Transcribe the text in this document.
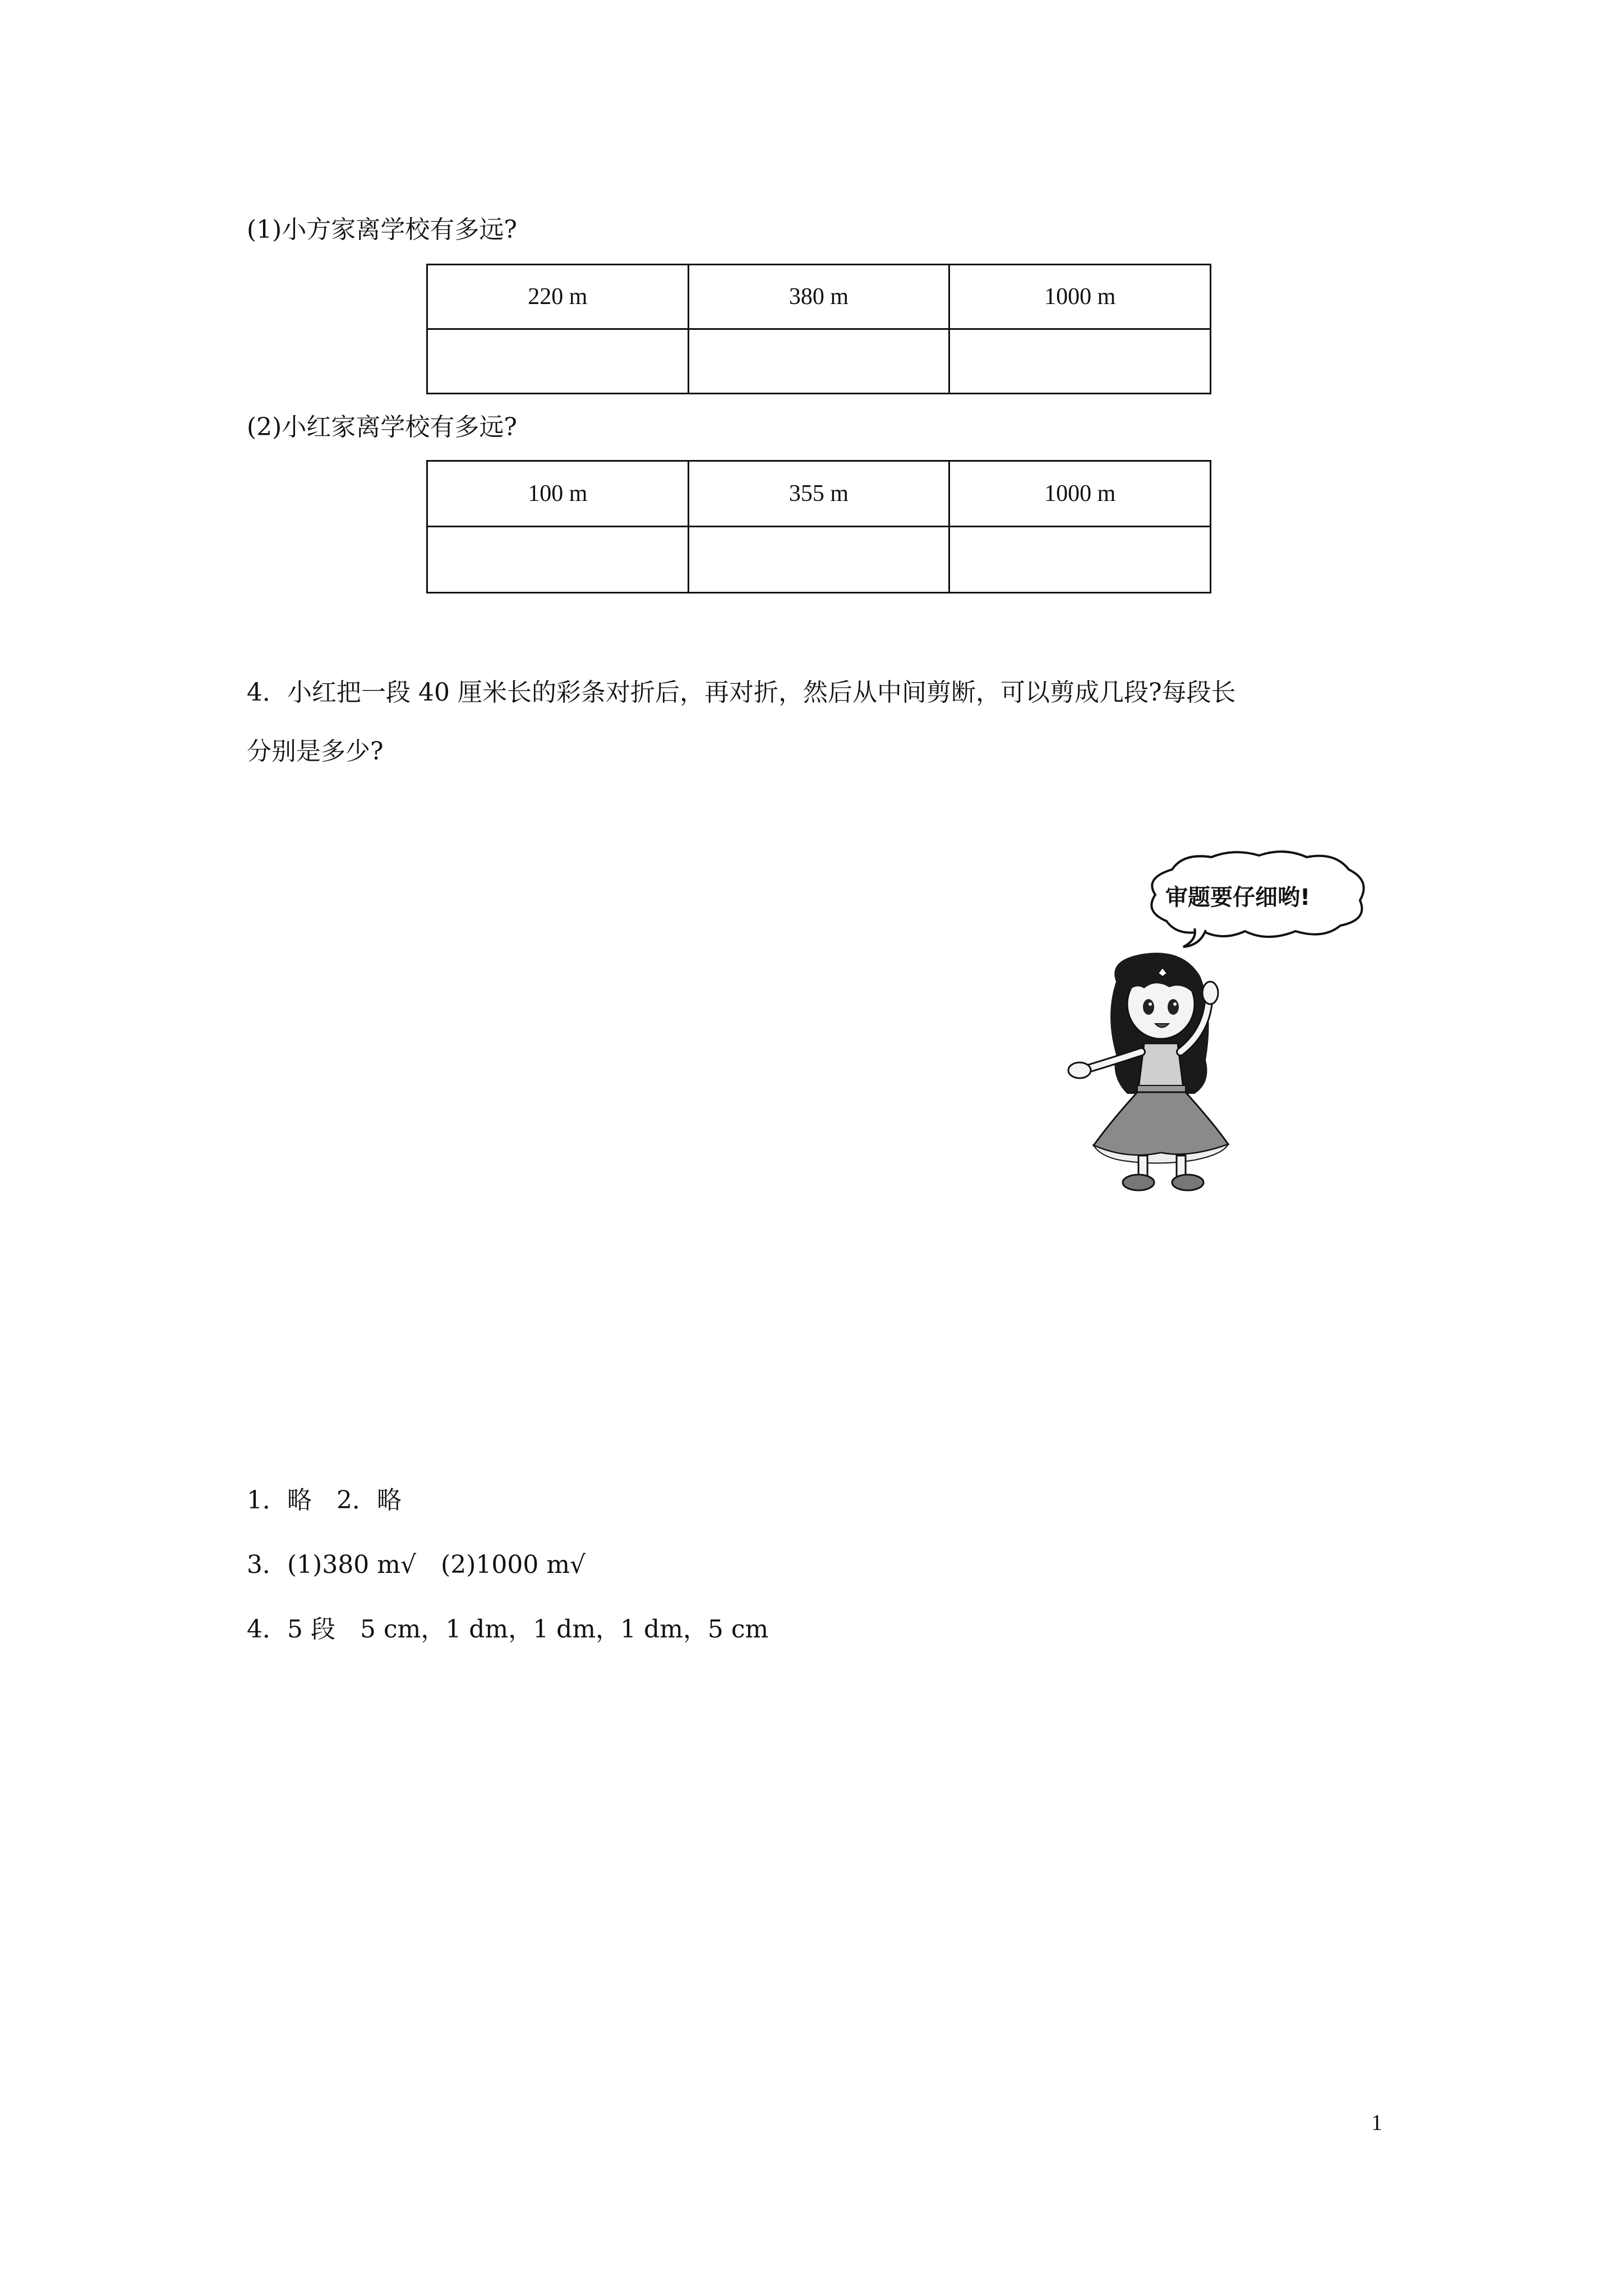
(1)小方家离学校有多远?
220 m	380 m	1000 m

(2)小红家离学校有多远?
100 m	355 m	1000 m

4．小红把一段 40 厘米长的彩条对折后，再对折，然后从中间剪断，可以剪成几段?每段长
分别是多少?
审题要仔细哟!
1．略　2．略
3．(1)380 m√　(2)1000 m√
4．5 段　5 cm，1 dm，1 dm，1 dm，5 cm
1
